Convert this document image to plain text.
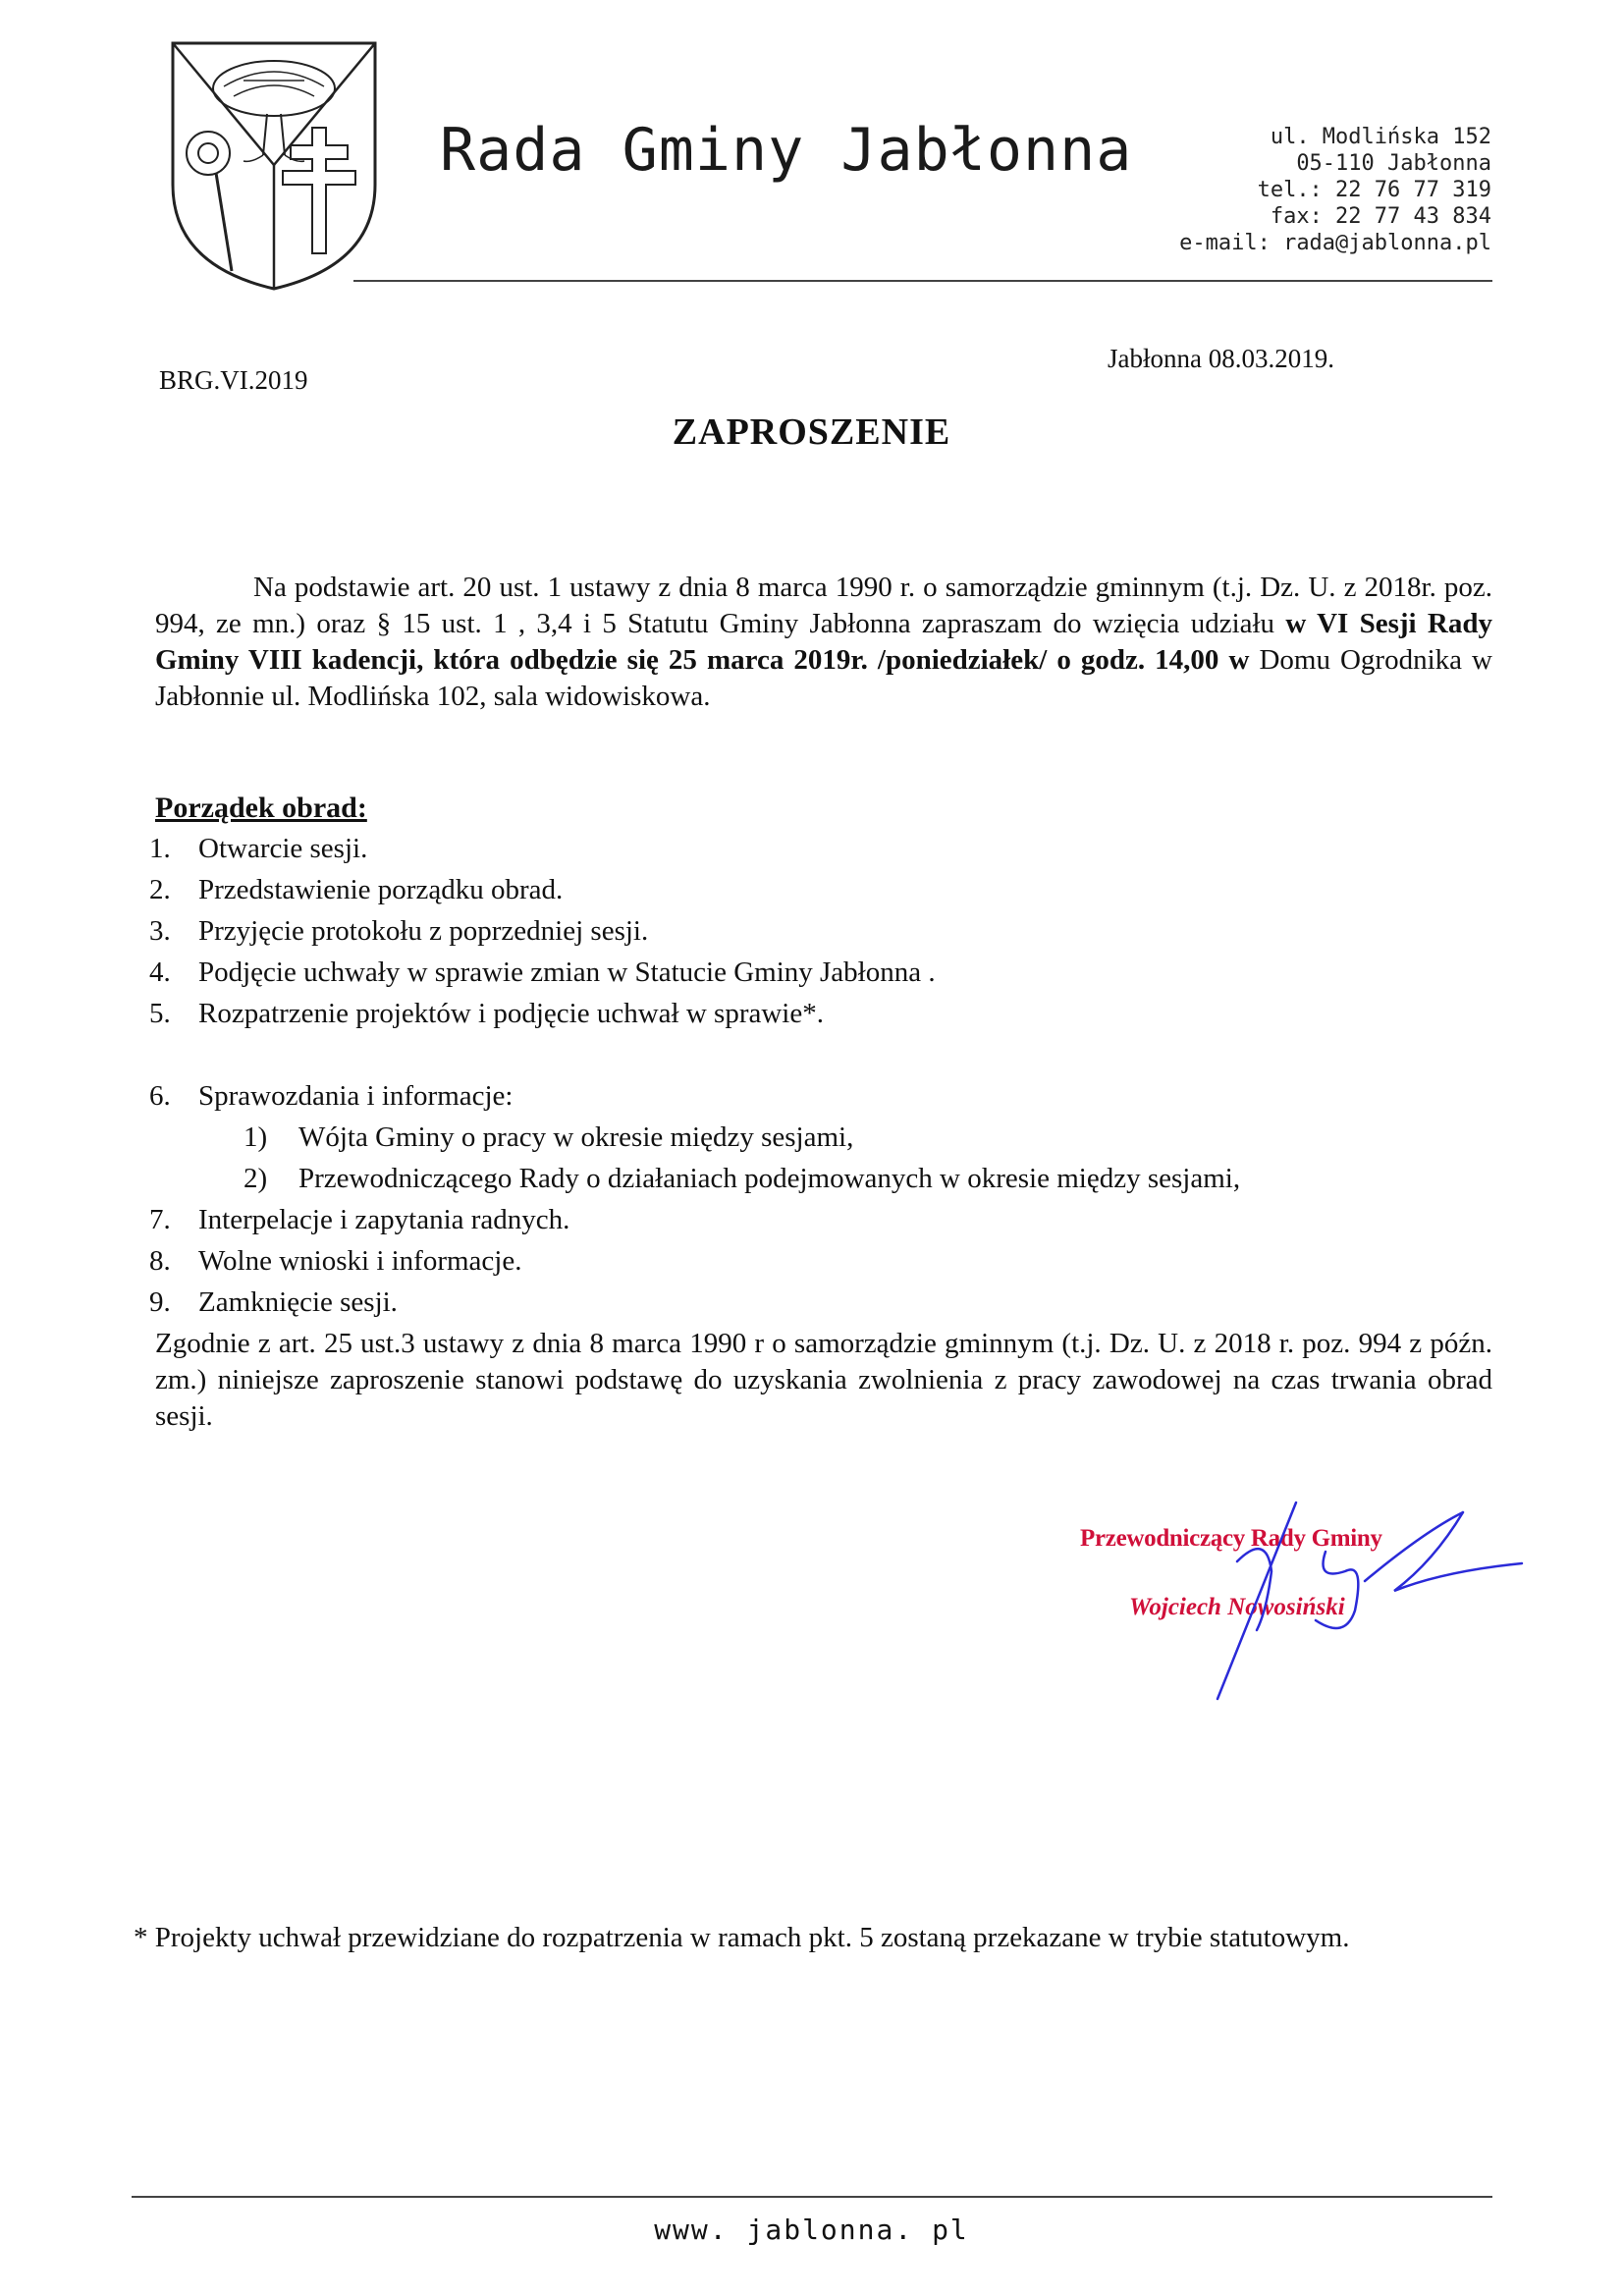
Rada Gminy Jabłonna	ul. Modlińska 152
05-110 Jabłonna
tel.: 22 76 77 319
fax: 22 77 43 834
e-mail: rada@jablonna.pl
BRG.VI.2019
Jabłonna 08.03.2019.
ZAPROSZENIE
Na podstawie art. 20 ust. 1 ustawy z dnia 8 marca 1990 r. o samorządzie gminnym (t.j. Dz. U. z 2018r. poz. 994, ze mn.) oraz § 15 ust. 1 , 3,4 i 5 Statutu Gminy Jabłonna zapraszam do wzięcia udziału w VI Sesji Rady Gminy VIII kadencji, która odbędzie się 25 marca 2019r. /poniedziałek/ o godz. 14,00 w Domu Ogrodnika w Jabłonnie ul. Modlińska 102, sala widowiskowa.
Porządek obrad:
1. Otwarcie sesji.
2. Przedstawienie porządku obrad.
3. Przyjęcie protokołu z poprzedniej sesji.
4. Podjęcie uchwały w sprawie zmian w Statucie Gminy Jabłonna .
5. Rozpatrzenie projektów i podjęcie uchwał w sprawie*.
6. Sprawozdania i informacje:
1)	Wójta Gminy o pracy w okresie między sesjami,
2)	Przewodniczącego Rady o działaniach podejmowanych w okresie między sesjami,
7. Interpelacje i zapytania radnych.
8. Wolne wnioski i informacje.
9. Zamknięcie sesji.
Zgodnie z art. 25 ust.3 ustawy z dnia 8 marca 1990 r o samorządzie gminnym (t.j. Dz. U. z 2018 r. poz. 994 z późn. zm.) niniejsze zaproszenie stanowi podstawę do uzyskania zwolnienia z pracy zawodowej na czas trwania obrad sesji.
Przewodniczący Rady Gminy
Wojciech Nowosiński
* Projekty uchwał przewidziane do rozpatrzenia w ramach pkt. 5 zostaną przekazane w trybie statutowym.
www. jablonna. pl
